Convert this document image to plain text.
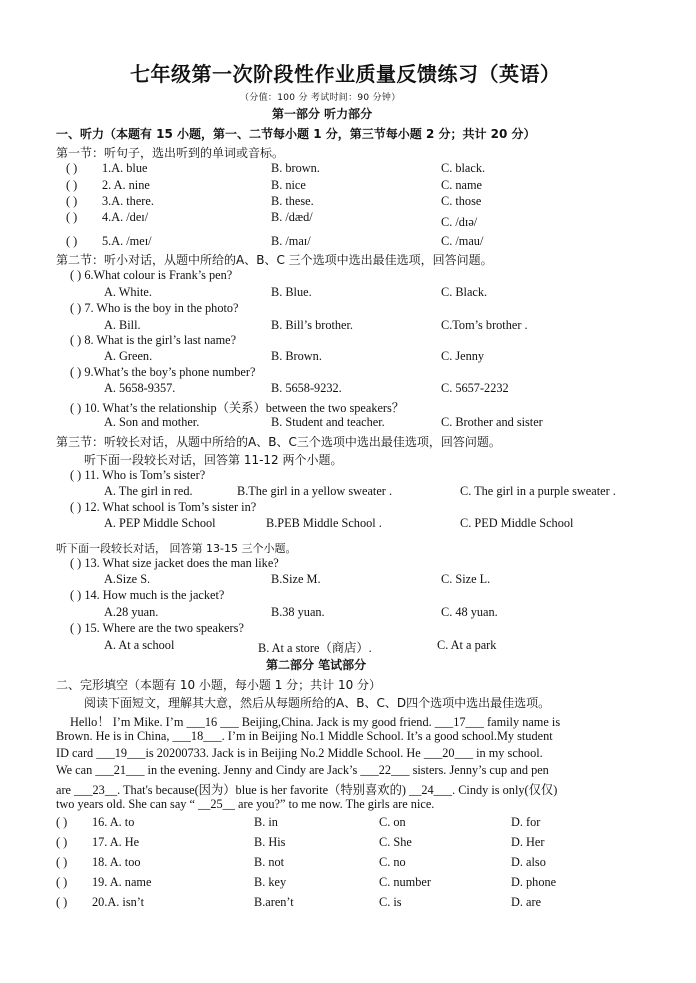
七年级第一次阶段性作业质量反馈练习（英语）
（分值：100 分 考试时间：90 分钟）
第一部分 听力部分
一、听力（本题有 15 小题，第一、二节每小题 1 分，第三节每小题 2 分；共计 20 分）
第一节：听句子，选出听到的单词或音标。
( ) 1.A. blue	B. brown.	C. black.
( ) 2. A. nine	B. nice	C. name
( ) 3.A. there.	B. these.	C. those
( ) 4.A. /deɪ/	B. /dæd/	C. /dɪə/
( ) 5.A. /meɪ/	B. /maɪ/	C. /mau/
第二节：听小对话，从题中所给的A、B、C 三个选项中选出最佳选项，回答问题。
( ) 6.What colour is Frank’s pen?
A. White.	B. Blue.	C. Black.
( ) 7. Who is the boy in the photo?
A. Bill.	B. Bill’s brother.	C.Tom’s brother .
( ) 8. What is the girl’s last name?
A. Green.	B. Brown.	C. Jenny
( ) 9.What’s the boy’s phone number?
A. 5658-9357.	B. 5658-9232.	C. 5657-2232
( ) 10. What’s the relationship（关系）between the two speakers？
A. Son and mother.	B. Student and teacher.	C. Brother and sister
第三节：听较长对话，从题中所给的A、B、C三个选项中选出最佳选项，回答问题。
听下面一段较长对话，回答第 11-12 两个小题。
( ) 11. Who is Tom’s sister?
A. The girl in red.	B.The girl in a yellow sweater .	C. The girl in a purple sweater .
( ) 12. What school is Tom’s sister in?
A. PEP Middle School	B.PEB Middle School .	C. PED Middle School
听下面一段较长对话， 回答第 13-15 三个小题。
( ) 13. What size jacket does the man like?
A.Size S.	B.Size M.	C. Size L.
( ) 14. How much is the jacket?
A.28 yuan.	B.38 yuan.	C. 48 yuan.
( ) 15. Where are the two speakers?
A. At a school	B. At a store（商店）.	C. At a park
第二部分 笔试部分
二、完形填空（本题有 10 小题，每小题 1 分；共计 10 分）
阅读下面短文，理解其大意，然后从每题所给的A、B、C、D四个选项中选出最佳选项。
Hello！ I’m Mike. I’m ___16 ___ Beijing,China. Jack is my good friend. ___17___ family name is
Brown. He is in China, ___18___. I’m in Beijing No.1 Middle School. It’s a good school.My student
ID card ___19___is 20200733. Jack is in Beijing No.2 Middle School. He ___20___ in my school.
We can ___21___ in the evening. Jenny and Cindy are Jack’s ___22___ sisters. Jenny’s cup and pen
are ___23__. That's because(因为）blue is her favorite（特别喜欢的) __24___. Cindy is only(仅仅)
two years old. She can say “ __25__ are you?” to me now. The girls are nice.
( ) 16. A. to	B. in	C. on	D. for
( ) 17. A. He	B. His	C. She	D. Her
( ) 18. A. too	B. not	C. no	D. also
( ) 19. A. name	B. key	C. number	D. phone
( ) 20.A. isn’t	B.aren’t	C. is	D. are
